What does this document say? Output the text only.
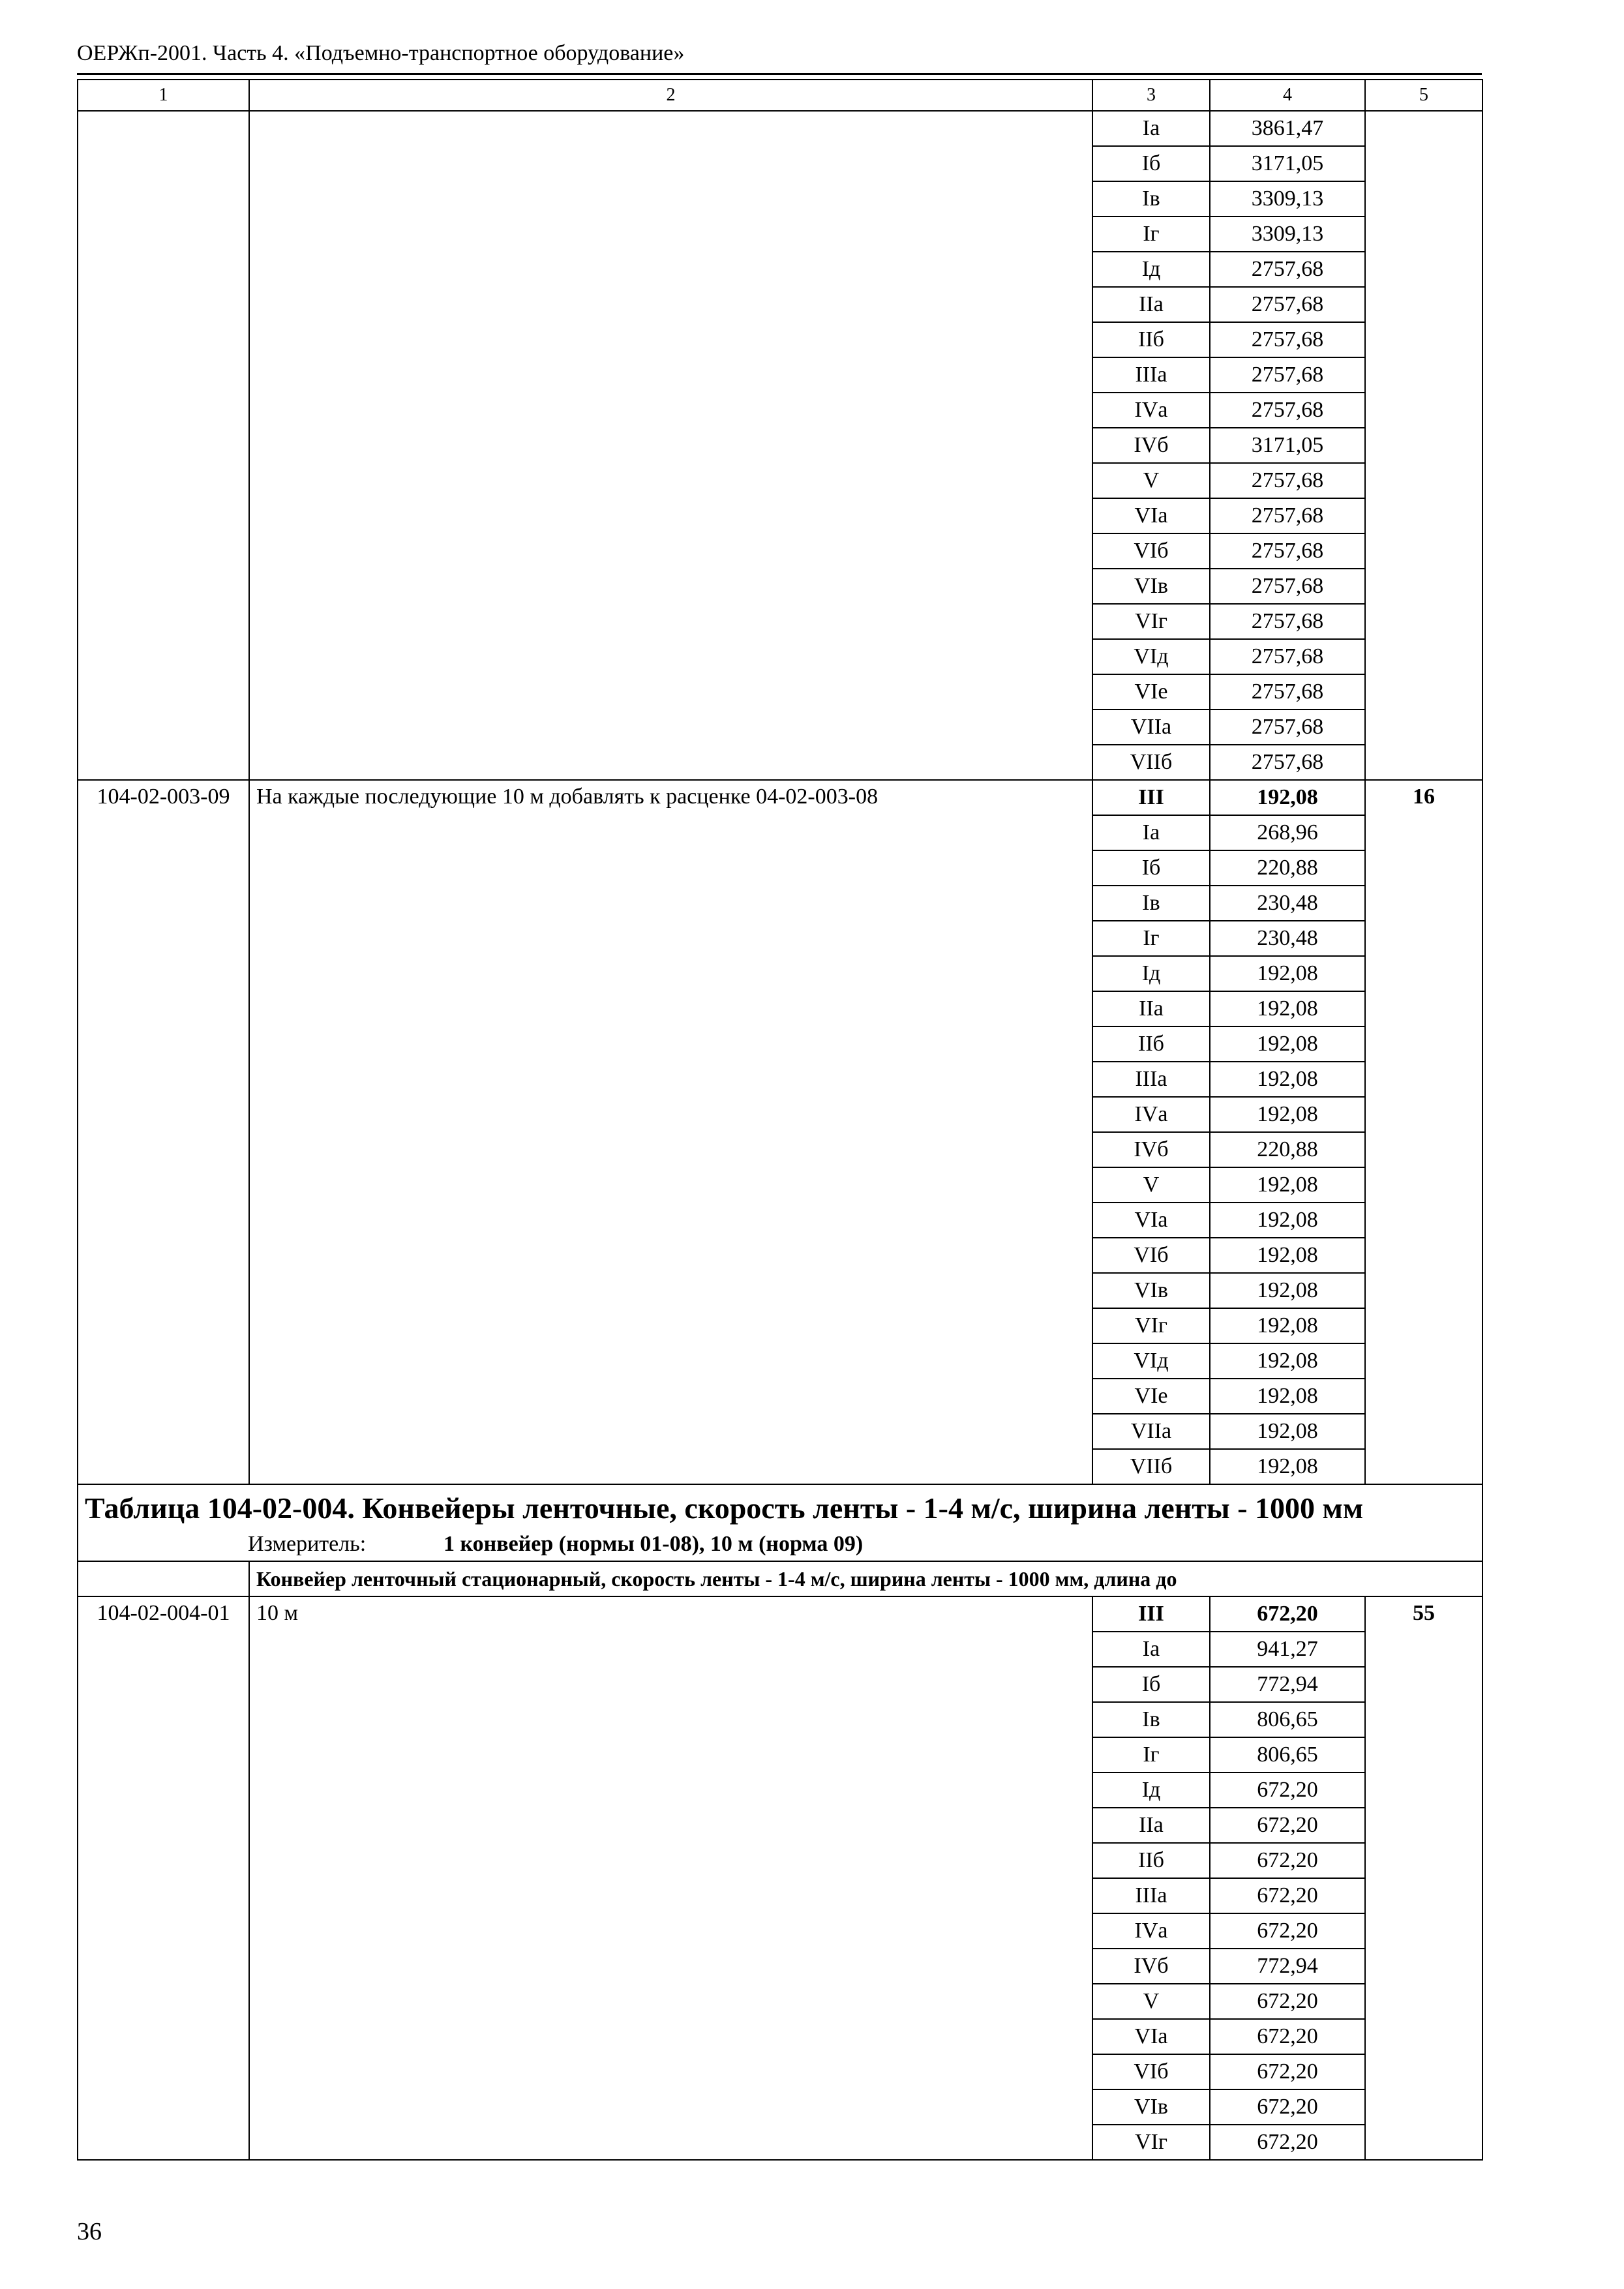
ОЕРЖп-2001. Часть 4. «Подъемно-транспортное оборудование»
1	2	3	4	5
		Iа	3861,47	
		Iб	3171,05	
		Iв	3309,13	
		Iг	3309,13	
		Iд	2757,68	
		IIа	2757,68	
		IIб	2757,68	
		IIIа	2757,68	
		IVа	2757,68	
		IVб	3171,05	
		V	2757,68	
		VIа	2757,68	
		VIб	2757,68	
		VIв	2757,68	
		VIг	2757,68	
		VIд	2757,68	
		VIе	2757,68	
		VIIа	2757,68	
		VIIб	2757,68	
104-02-003-09	На каждые последующие 10 м добавлять к расценке 04-02-003-08	III	192,08	16
		Iа	268,96	
		Iб	220,88	
		Iв	230,48	
		Iг	230,48	
		Iд	192,08	
		IIа	192,08	
		IIб	192,08	
		IIIа	192,08	
		IVа	192,08	
		IVб	220,88	
		V	192,08	
		VIа	192,08	
		VIб	192,08	
		VIв	192,08	
		VIг	192,08	
		VIд	192,08	
		VIе	192,08	
		VIIа	192,08	
		VIIб	192,08	

Таблица 104-02-004. Конвейеры ленточные, скорость ленты - 1-4 м/с, ширина ленты - 1000 мм
Измеритель: 1 конвейер (нормы 01-08), 10 м (норма 09)				

	Конвейер ленточный стационарный, скорость ленты - 1-4 м/с, ширина ленты - 1000 мм, длина до			
104-02-004-01	10 м	III	672,20	55
		Iа	941,27	
		Iб	772,94	
		Iв	806,65	
		Iг	806,65	
		Iд	672,20	
		IIа	672,20	
		IIб	672,20	
		IIIа	672,20	
		IVа	672,20	
		IVб	772,94	
		V	672,20	
		VIа	672,20	
		VIб	672,20	
		VIв	672,20	
		VIг	672,20	
36
